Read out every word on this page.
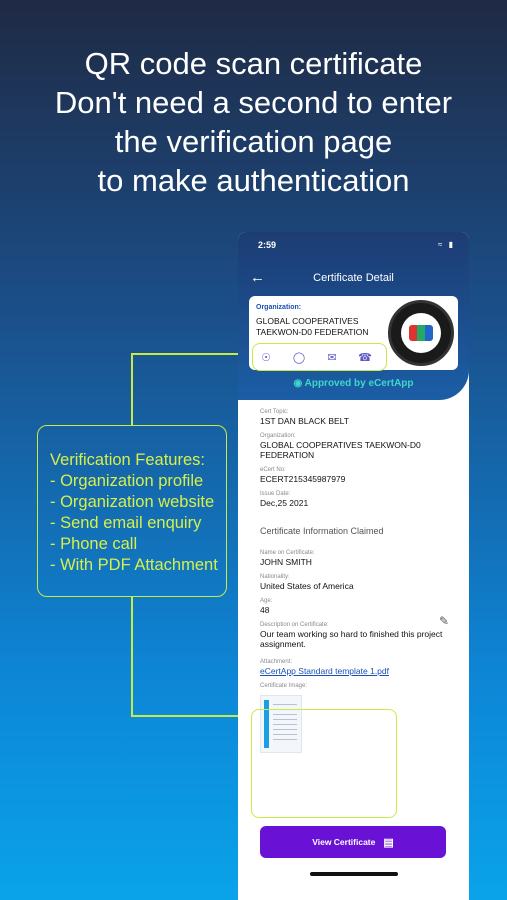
QR code scan certificate
Don't need a second to enter
the verification page
to make authentication
Verification Features:
- Organization profile
- Organization website
- Send email enquiry
- Phone call
- With PDF Attachment
2:59	≈ ▮
←	Certificate Detail
Organization:
GLOBAL COOPERATIVES TAEKWON-D0 FEDERATION
☉ ◯	✉	☎
◉ Approved by eCertApp
Cert Topic:
1ST DAN BLACK BELT
Organization:
GLOBAL COOPERATIVES TAEKWON-D0 FEDERATION
eCert No:
ECERT215345987979
Issue Date:
Dec,25 2021
Certificate Information Claimed
Name on Certificate:
JOHN SMITH
Nationality:
United States of America
Age:
48
Description on Certificate:	✎
Our team working so hard to finished this project assignment.
Attachment:
eCertApp Standard template 1.pdf
Certificate Image:
View Certificate ▤
